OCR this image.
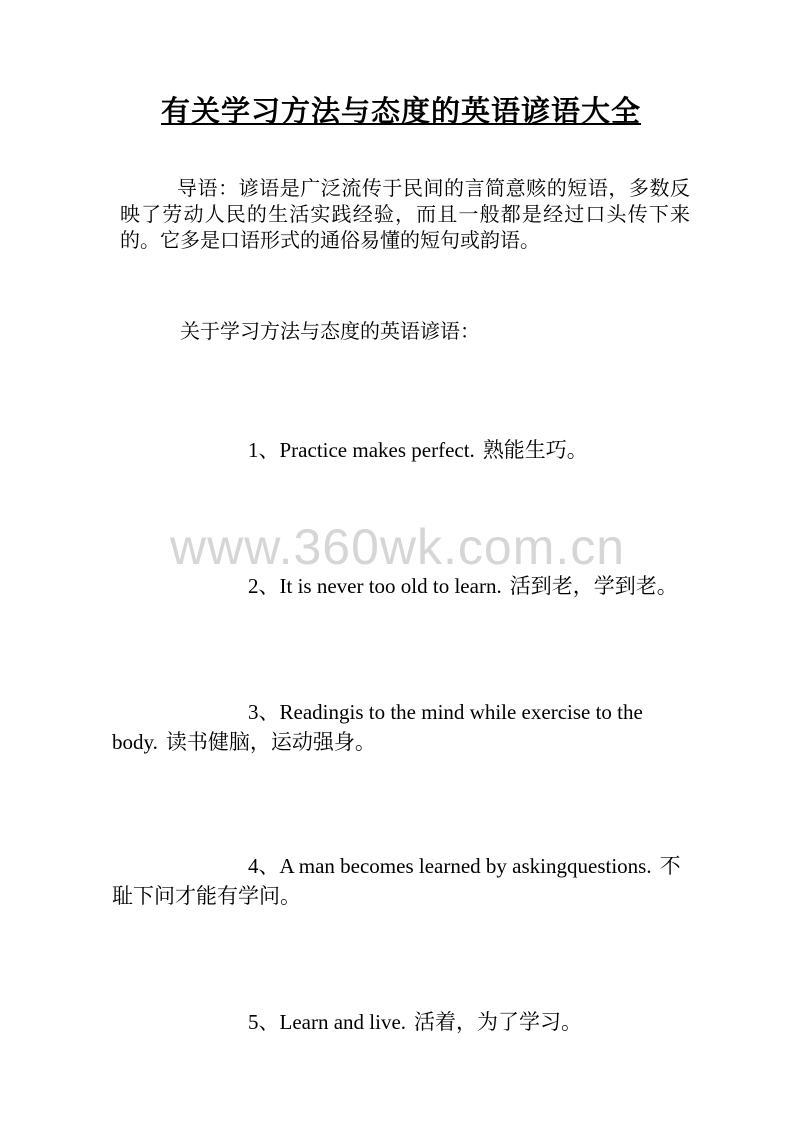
www.360wk.com.cn
有关学习方法与态度的英语谚语大全

导语：谚语是广泛流传于民间的言简意赅的短语，多数反映了劳动人民的生活实践经验，而且一般都是经过口头传下来的。它多是口语形式的通俗易懂的短句或韵语。

关于学习方法与态度的英语谚语：

1、Practice makes perfect. 熟能生巧。

2、It is never too old to learn. 活到老，学到老。

3、Readingis to the mind while exercise to the body. 读书健脑，运动强身。

4、A man becomes learned by askingquestions. 不耻下问才能有学问。

5、Learn and live. 活着，为了学习。
